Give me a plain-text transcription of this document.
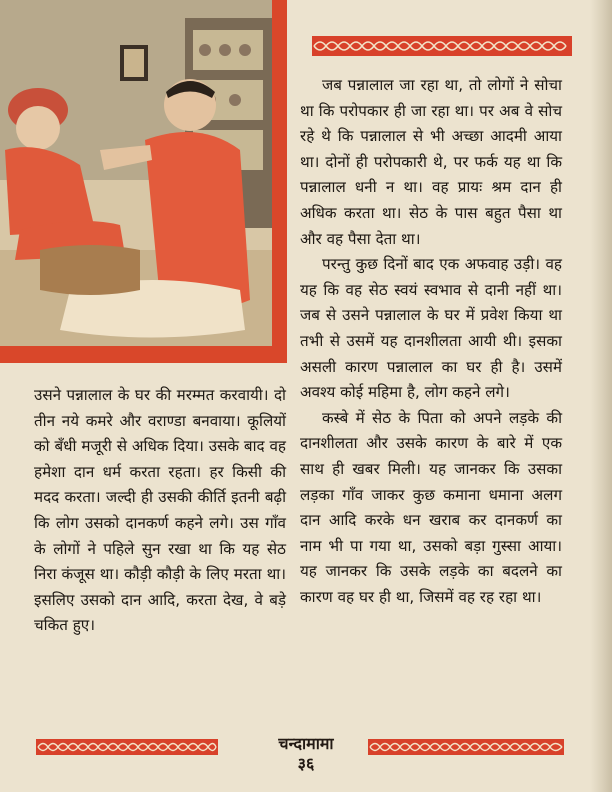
जब पन्नालाल जा रहा था, तो लोगों ने सोचा था कि परोपकार ही जा रहा था। पर अब वे सोच रहे थे कि पन्नालाल से भी अच्छा आदमी आया था। दोनों ही परोपकारी थे, पर फर्क यह था कि पन्नालाल धनी न था। वह प्रायः श्रम दान ही अधिक करता था। सेठ के पास बहुत पैसा था और वह पैसा देता था।

परन्तु कुछ दिनों बाद एक अफवाह उड़ी। वह यह कि वह सेठ स्वयं स्वभाव से दानी नहीं था। जब से उसने पन्नालाल के घर में प्रवेश किया था तभी से उसमें यह दानशीलता आयी थी। इसका असली कारण पन्नालाल का घर ही है। उसमें अवश्य कोई महिमा है, लोग कहने लगे।

कस्बे में सेठ के पिता को अपने लड़के की दानशीलता और उसके कारण के बारे में एक साथ ही खबर मिली। यह जानकर कि उसका लड़का गाँव जाकर कुछ कमाना धमाना अलग दान आदि करके धन खराब कर दानकर्ण का नाम भी पा गया था, उसको बड़ा गुस्सा आया। यह जानकर कि उसके लड़के का बदलने का कारण वह घर ही था, जिसमें वह रह रहा था।

उसने पन्नालाल के घर की मरम्मत करवायी। दो तीन नये कमरे और वराण्डा बनवाया। कूलियों को बँधी मजूरी से अधिक दिया। उसके बाद वह हमेशा दान धर्म करता रहता। हर किसी की मदद करता। जल्दी ही उसकी कीर्ति इतनी बढ़ी कि लोग उसको दानकर्ण कहने लगे। उस गाँव के लोगों ने पहिले सुन रखा था कि यह सेठ निरा कंजूस था। कौड़ी कौड़ी के लिए मरता था। इसलिए उसको दान आदि, करता देख, वे बड़े चकित हुए।

चन्दामामा
३६
